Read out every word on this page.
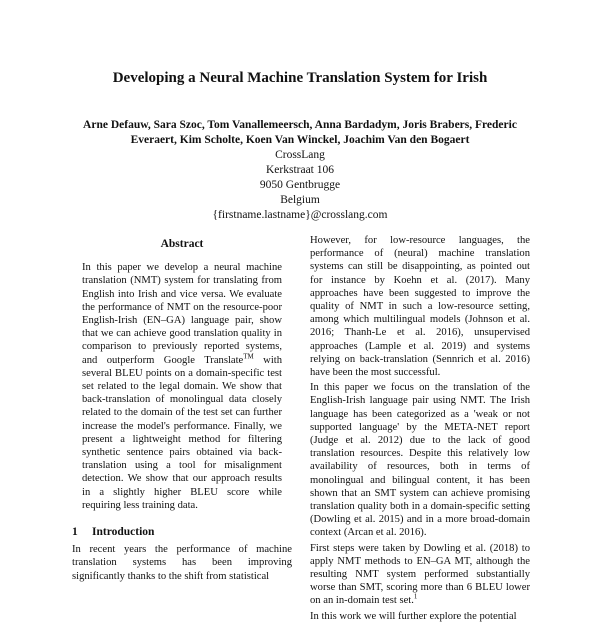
Developing a Neural Machine Translation System for Irish
Arne Defauw, Sara Szoc, Tom Vanallemeersch, Anna Bardadym, Joris Brabers, Frederic
Everaert, Kim Scholte, Koen Van Winckel, Joachim Van den Bogaert
CrossLang
Kerkstraat 106
9050 Gentbrugge
Belgium
{firstname.lastname}@crosslang.com
Abstract
In this paper we develop a neural machine translation (NMT) system for translating from English into Irish and vice versa. We evaluate the performance of NMT on the resource-poor English-Irish (EN–GA) language pair, show that we can achieve good translation quality in comparison to previously reported systems, and outperform Google Translate™ with several BLEU points on a domain-specific test set related to the legal domain. We show that back-translation of monolingual data closely related to the domain of the test set can further increase the model's performance. Finally, we present a lightweight method for filtering synthetic sentence pairs obtained via back-translation using a tool for misalignment detection. We show that our approach results in a slightly higher BLEU score while requiring less training data.
1 Introduction
In recent years the performance of machine translation systems has been improving significantly thanks to the shift from statistical
However, for low-resource languages, the performance of (neural) machine translation systems can still be disappointing, as pointed out for instance by Koehn et al. (2017). Many approaches have been suggested to improve the quality of NMT in such a low-resource setting, among which multilingual models (Johnson et al. 2016; Thanh-Le et al. 2016), unsupervised approaches (Lample et al. 2019) and systems relying on back-translation (Sennrich et al. 2016) have been the most successful.
In this paper we focus on the translation of the English-Irish language pair using NMT. The Irish language has been categorized as a 'weak or not supported language' by the META-NET report (Judge et al. 2012) due to the lack of good translation resources. Despite this relatively low availability of resources, both in terms of monolingual and bilingual content, it has been shown that an SMT system can achieve promising translation quality both in a domain-specific setting (Dowling et al. 2015) and in a more broad-domain context (Arcan et al. 2016).
First steps were taken by Dowling et al. (2018) to apply NMT methods to EN–GA MT, although the resulting NMT system performed substantially worse than SMT, scoring more than 6 BLEU lower on an in-domain test set.$^1$
In this work we will further explore the potential
